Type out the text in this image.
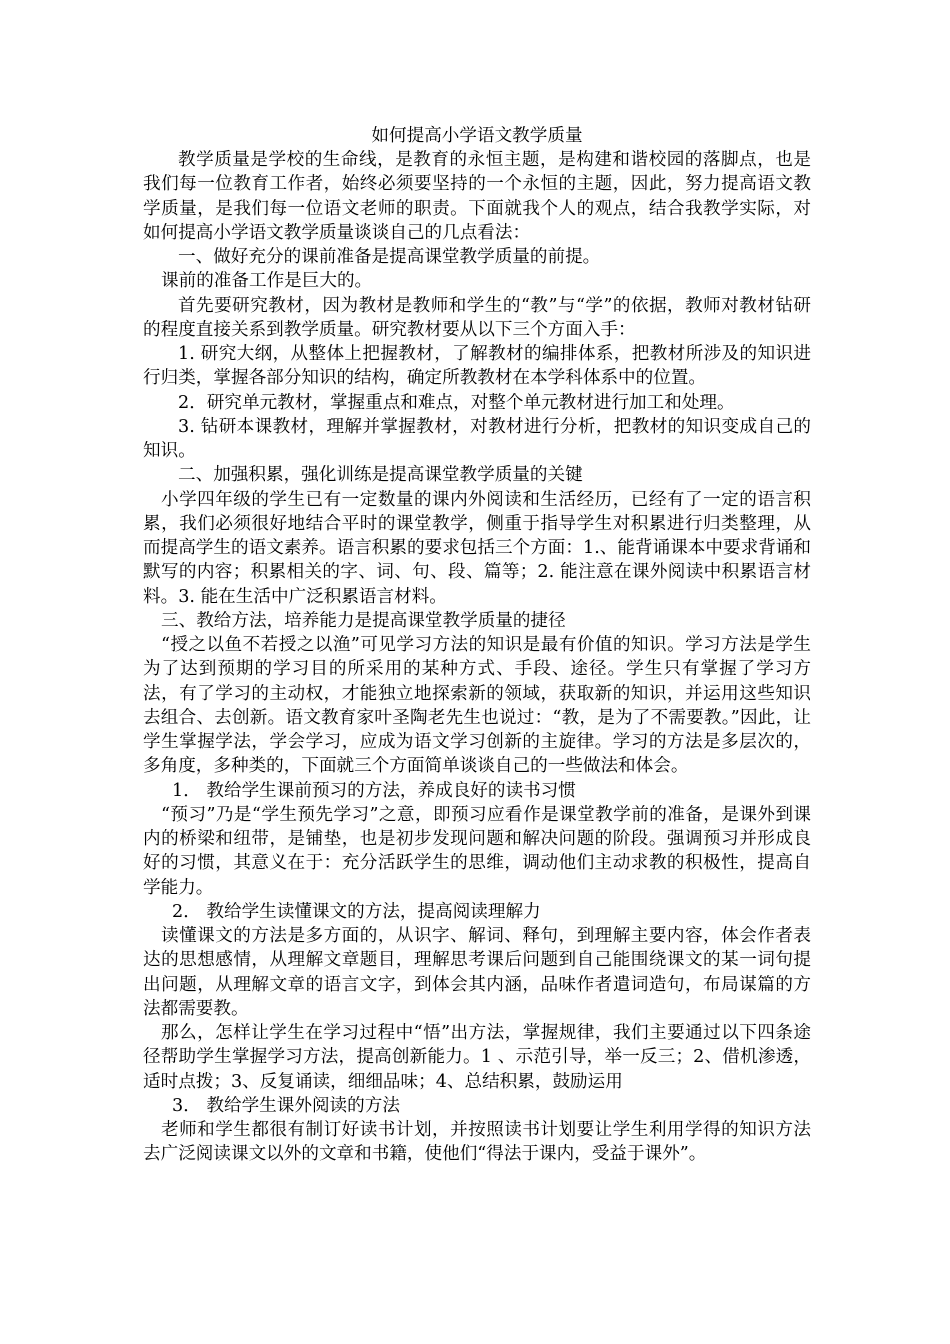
如何提高小学语文教学质量

教学质量是学校的生命线，是教育的永恒主题，是构建和谐校园的落脚点，也是我们每一位教育工作者，始终必须要坚持的一个永恒的主题，因此，努力提高语文教学质量，是我们每一位语文老师的职责。下面就我个人的观点，结合我教学实际，对如何提高小学语文教学质量谈谈自己的几点看法：

一、做好充分的课前准备是提高课堂教学质量的前提。

课前的准备工作是巨大的。

首先要研究教材，因为教材是教师和学生的“教”与“学”的依据，教师对教材钻研的程度直接关系到教学质量。研究教材要从以下三个方面入手：

1. 研究大纲，从整体上把握教材，了解教材的编排体系，把教材所涉及的知识进行归类，掌握各部分知识的结构，确定所教教材在本学科体系中的位置。

2．研究单元教材，掌握重点和难点，对整个单元教材进行加工和处理。

3. 钻研本课教材，理解并掌握教材，对教材进行分析，把教材的知识变成自己的知识。

二、加强积累，强化训练是提高课堂教学质量的关键

小学四年级的学生已有一定数量的课内外阅读和生活经历，已经有了一定的语言积累，我们必须很好地结合平时的课堂教学，侧重于指导学生对积累进行归类整理，从而提高学生的语文素养。语言积累的要求包括三个方面：1.、能背诵课本中要求背诵和默写的内容；积累相关的字、词、句、段、篇等；2. 能注意在课外阅读中积累语言材料。3. 能在生活中广泛积累语言材料。

三、教给方法，培养能力是提高课堂教学质量的捷径

“授之以鱼不若授之以渔”可见学习方法的知识是最有价值的知识。学习方法是学生为了达到预期的学习目的所采用的某种方式、手段、途径。学生只有掌握了学习方法，有了学习的主动权，才能独立地探索新的领域，获取新的知识，并运用这些知识去组合、去创新。语文教育家叶圣陶老先生也说过：“教，是为了不需要教。”因此，让学生掌握学法，学会学习，应成为语文学习创新的主旋律。学习的方法是多层次的，多角度，多种类的，下面就三个方面简单谈谈自己的一些做法和体会。

1． 教给学生课前预习的方法，养成良好的读书习惯

“预习”乃是“学生预先学习”之意，即预习应看作是课堂教学前的准备，是课外到课内的桥梁和纽带，是铺垫，也是初步发现问题和解决问题的阶段。强调预习并形成良好的习惯，其意义在于：充分活跃学生的思维，调动他们主动求教的积极性，提高自学能力。

2． 教给学生读懂课文的方法，提高阅读理解力

读懂课文的方法是多方面的，从识字、解词、释句，到理解主要内容，体会作者表达的思想感情，从理解文章题目，理解思考课后问题到自己能围绕课文的某一词句提出问题，从理解文章的语言文字，到体会其内涵，品味作者遣词造句，布局谋篇的方法都需要教。

那么，怎样让学生在学习过程中“悟”出方法，掌握规律，我们主要通过以下四条途径帮助学生掌握学习方法，提高创新能力。1 、示范引导，举一反三；2、借机渗透，适时点拨；3、反复诵读，细细品味；4、总结积累，鼓励运用

3． 教给学生课外阅读的方法

老师和学生都很有制订好读书计划，并按照读书计划要让学生利用学得的知识方法去广泛阅读课文以外的文章和书籍，使他们“得法于课内，受益于课外”。
